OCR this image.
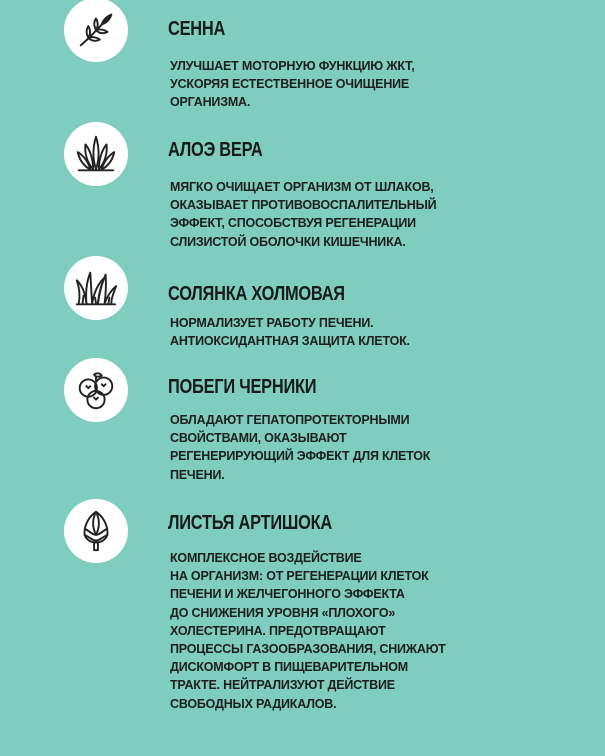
СЕННА
УЛУЧШАЕТ МОТОРНУЮ ФУНКЦИЮ ЖКТ,
УСКОРЯЯ ЕСТЕСТВЕННОЕ ОЧИЩЕНИЕ
ОРГАНИЗМА.
АЛОЭ ВЕРА
МЯГКО ОЧИЩАЕТ ОРГАНИЗМ ОТ ШЛАКОВ,
ОКАЗЫВАЕТ ПРОТИВОВОСПАЛИТЕЛЬНЫЙ
ЭФФЕКТ, СПОСОБСТВУЯ РЕГЕНЕРАЦИИ
СЛИЗИСТОЙ ОБОЛОЧКИ КИШЕЧНИКА.
СОЛЯНКА ХОЛМОВАЯ
НОРМАЛИЗУЕТ РАБОТУ ПЕЧЕНИ.
АНТИОКСИДАНТНАЯ ЗАЩИТА КЛЕТОК.
ПОБЕГИ ЧЕРНИКИ
ОБЛАДАЮТ ГЕПАТОПРОТЕКТОРНЫМИ
СВОЙСТВАМИ, ОКАЗЫВАЮТ
РЕГЕНЕРИРУЮЩИЙ ЭФФЕКТ ДЛЯ КЛЕТОК
ПЕЧЕНИ.
ЛИСТЬЯ АРТИШОКА
КОМПЛЕКСНОЕ ВОЗДЕЙСТВИЕ
НА ОРГАНИЗМ: ОТ РЕГЕНЕРАЦИИ КЛЕТОК
ПЕЧЕНИ И ЖЕЛЧЕГОННОГО ЭФФЕКТА
ДО СНИЖЕНИЯ УРОВНЯ «ПЛОХОГО»
ХОЛЕСТЕРИНА. ПРЕДОТВРАЩАЮТ
ПРОЦЕССЫ ГАЗООБРАЗОВАНИЯ, СНИЖАЮТ
ДИСКОМФОРТ В ПИЩЕВАРИТЕЛЬНОМ
ТРАКТЕ. НЕЙТРАЛИЗУЮТ ДЕЙСТВИЕ
СВОБОДНЫХ РАДИКАЛОВ.
